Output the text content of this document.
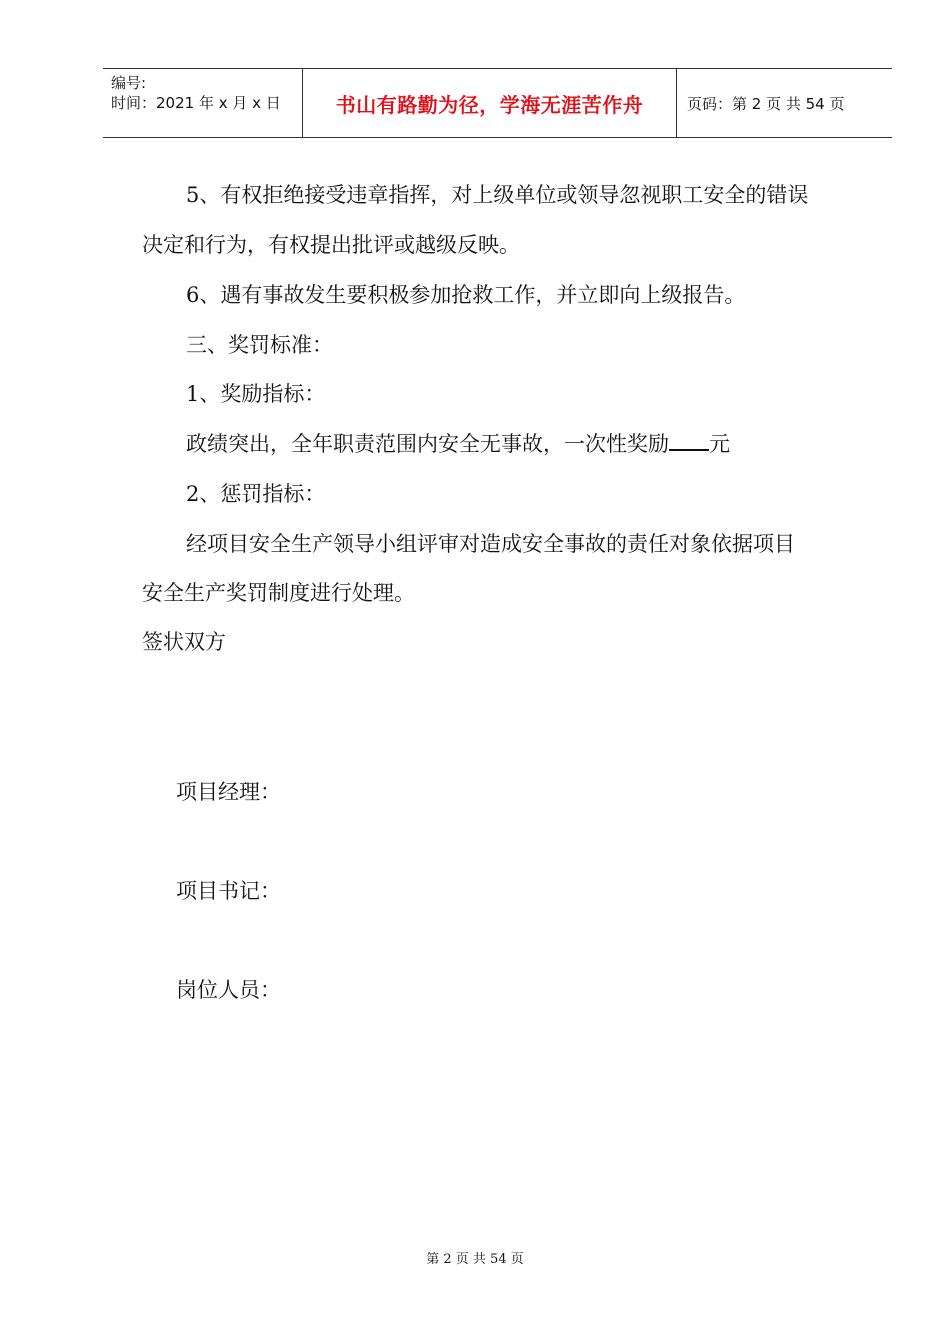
编号:
时间：2021 年 x 月 x 日	书山有路勤为径，学海无涯苦作舟	页码：第 2 页 共 54 页
5、有权拒绝接受违章指挥，对上级单位或领导忽视职工安全的错误
决定和行为，有权提出批评或越级反映。
6、遇有事故发生要积极参加抢救工作，并立即向上级报告。
三、奖罚标准：
1、奖励指标：
政绩突出，全年职责范围内安全无事故，一次性奖励 元
2、惩罚指标：
经项目安全生产领导小组评审对造成安全事故的责任对象依据项目
安全生产奖罚制度进行处理。
签状双方
项目经理：
项目书记：
岗位人员：
第 2 页 共 54 页
